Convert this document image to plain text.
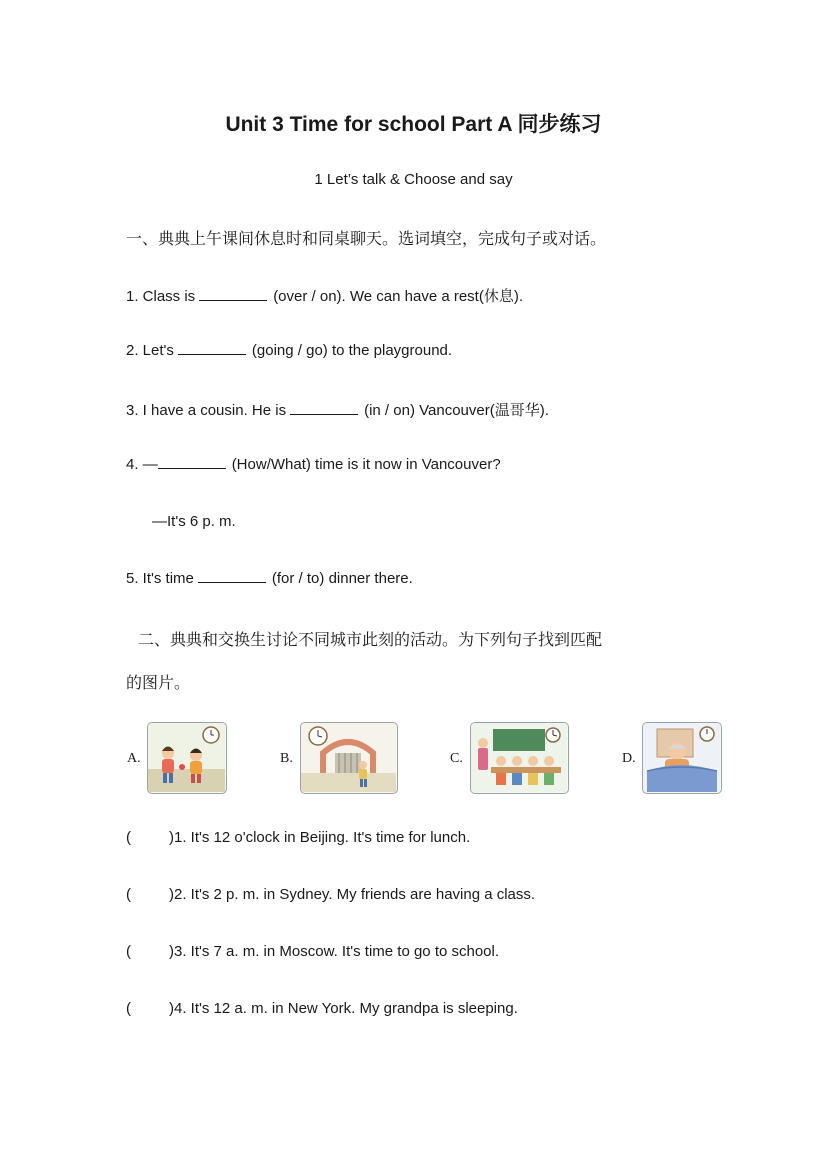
Unit 3 Time for school Part A 同步练习
1 Let’s talk & Choose and say
一、典典上午课间休息时和同桌聊天。选词填空，完成句子或对话。
1. Class is	(over / on). We can have a rest(休息).
2. Let's	(going / go) to the playground.
3. I have a cousin. He is	(in / on) Vancouver(温哥华).
4. —	(How/What) time is it now in Vancouver?
—It's 6 p. m.
5. It's time	(for / to) dinner there.
二、典典和交换生讨论不同城市此刻的活动。为下列句子找到匹配
的图片。
A.	B.	C.	D.
(	)1. It's 12 o'clock in Beijing. It's time for lunch.
(	)2. It's 2 p. m. in Sydney. My friends are having a class.
(	)3. It's 7 a. m. in Moscow. It's time to go to school.
(	)4. It's 12 a. m. in New York. My grandpa is sleeping.
